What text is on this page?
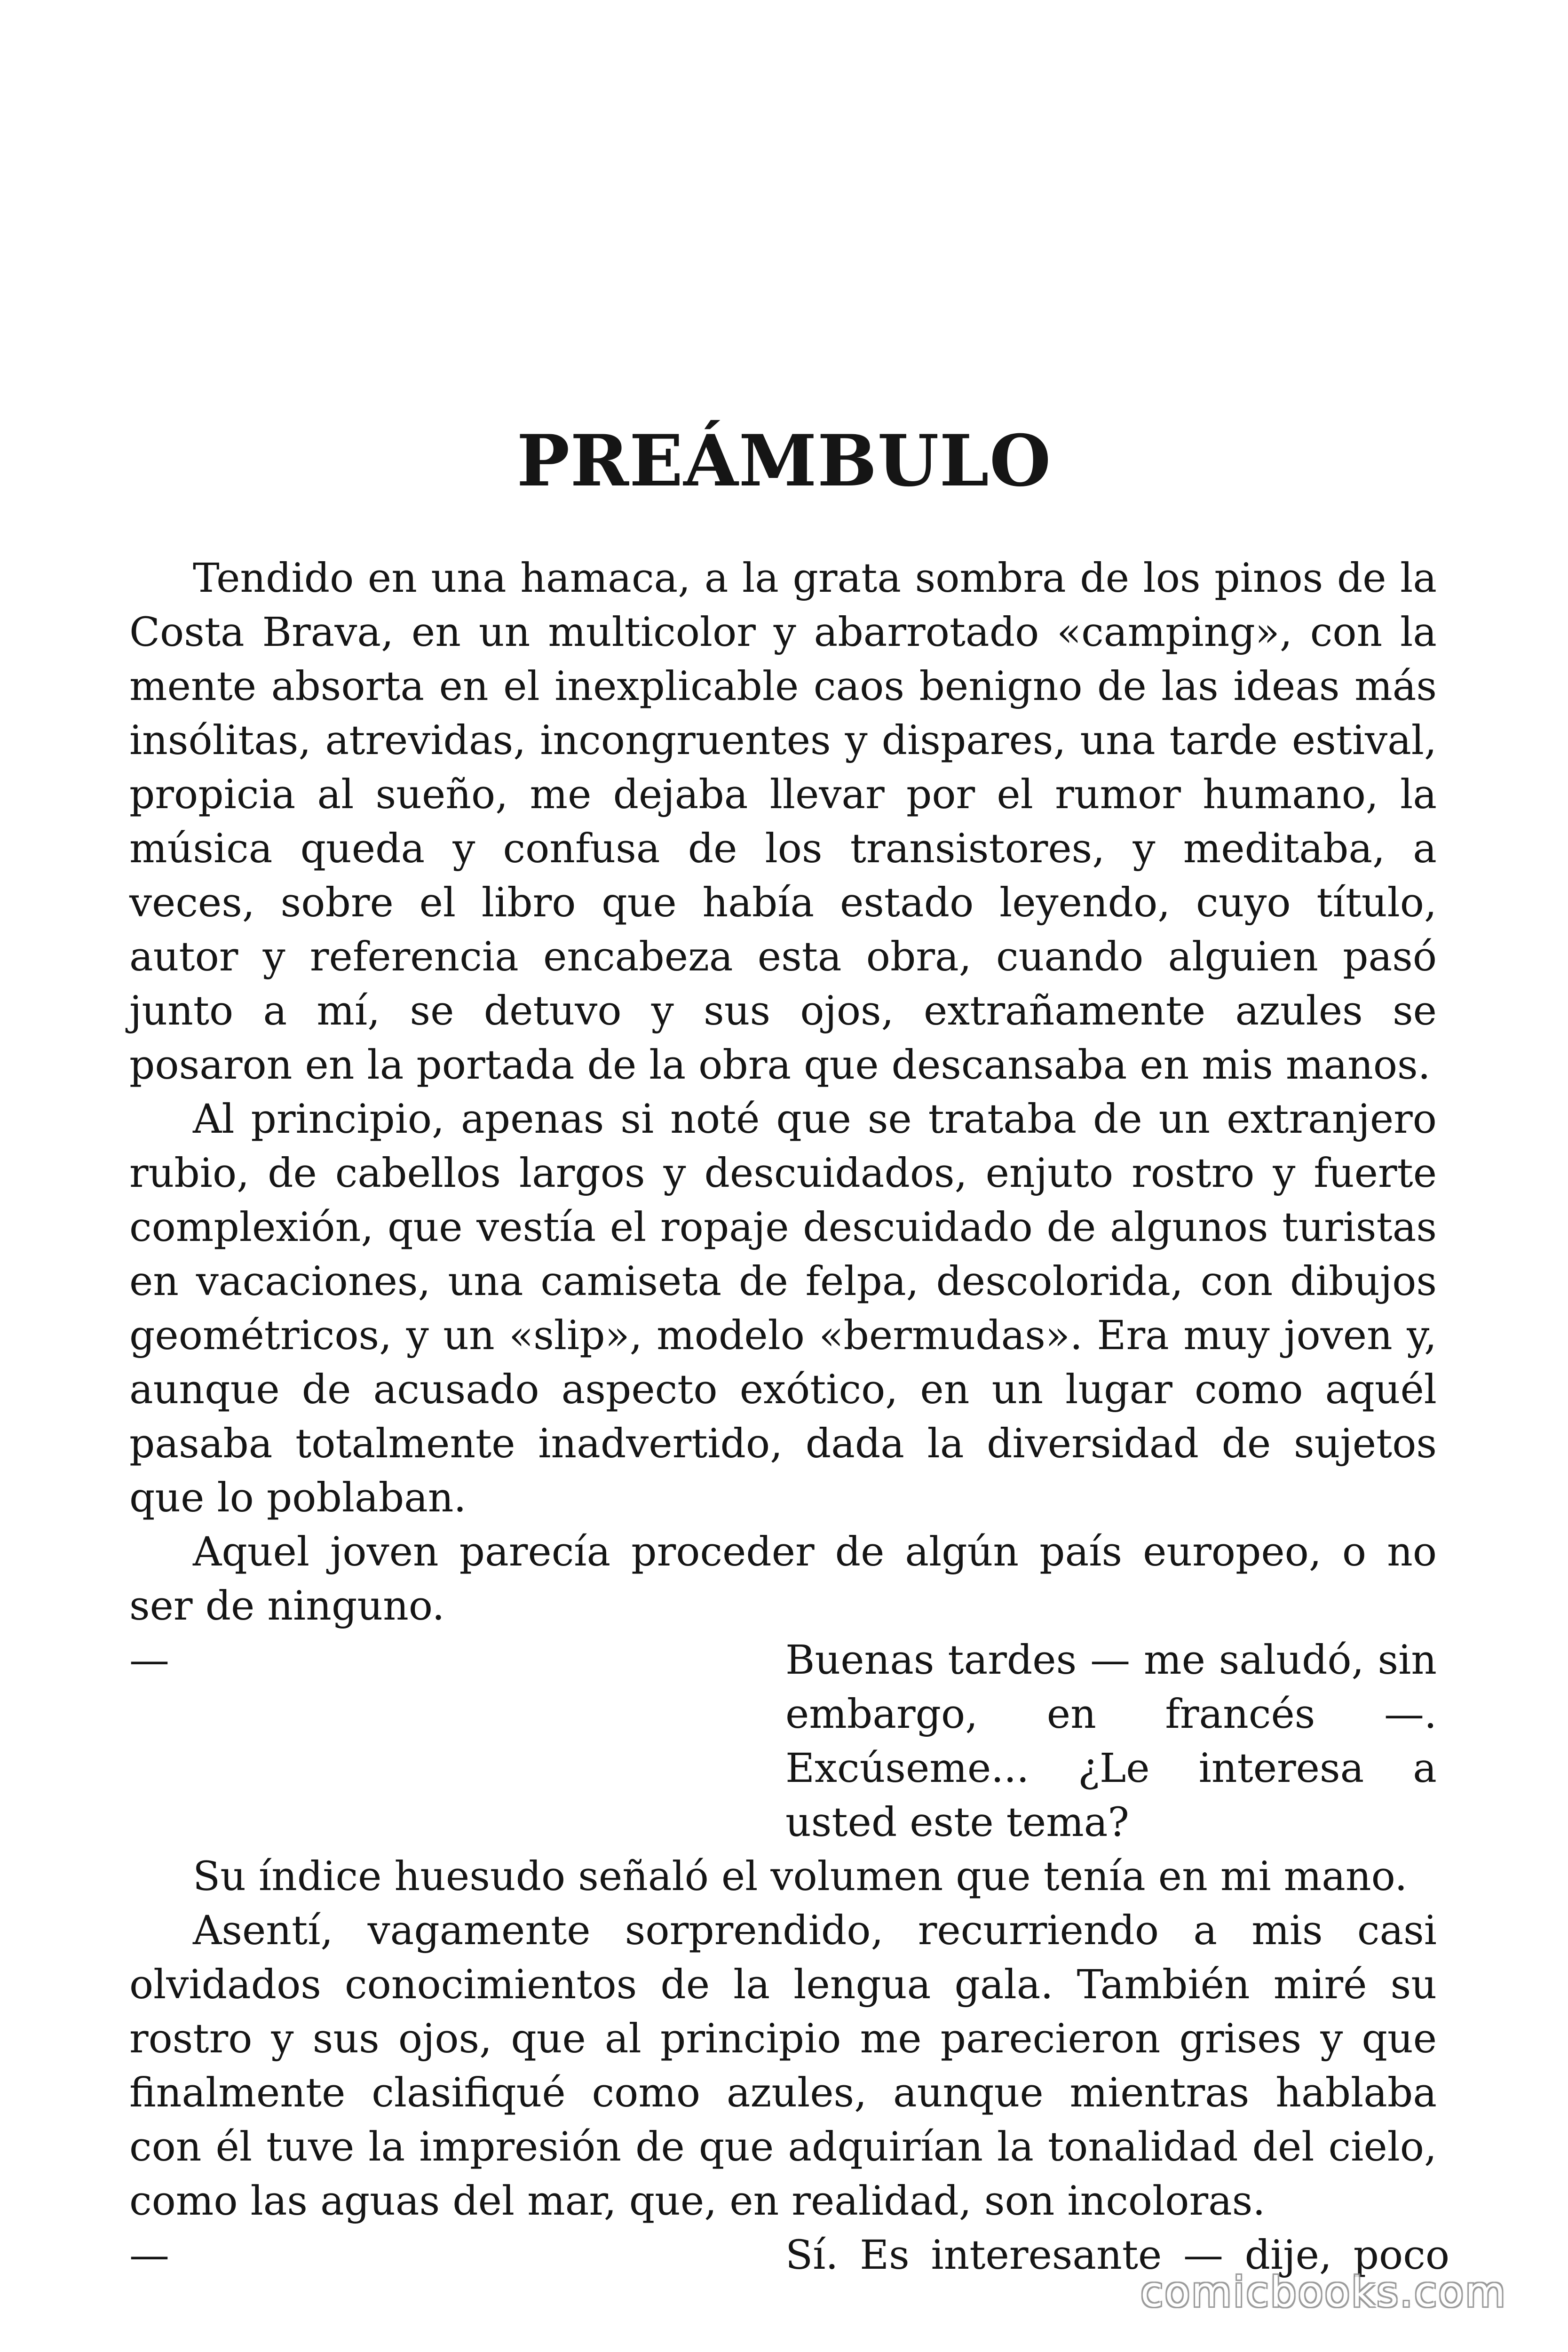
PREÁMBULO

Tendido en una hamaca, a la grata sombra de los pinos de la Costa Brava, en un multicolor y abarrotado «camping», con la mente absorta en el inexplicable caos benigno de las ideas más insólitas, atrevidas, incongruentes y dispares, una tarde estival, propicia al sueño, me dejaba llevar por el rumor humano, la música queda y confusa de los transistores, y meditaba, a veces, sobre el libro que había estado leyendo, cuyo título, autor y referencia encabeza esta obra, cuando alguien pasó junto a mí, se detuvo y sus ojos, extrañamente azules se posaron en la portada de la obra que descansaba en mis manos.

Al principio, apenas si noté que se trataba de un extranjero rubio, de cabellos largos y descuidados, enjuto rostro y fuerte complexión, que vestía el ropaje descuidado de algunos turistas en vacaciones, una camiseta de felpa, descolorida, con dibujos geométricos, y un «slip», modelo «bermudas». Era muy joven y, aunque de acusado aspecto exótico, en un lugar como aquél pasaba totalmente inadvertido, dada la diversidad de sujetos que lo poblaban.

Aquel joven parecía proceder de algún país europeo, o no ser de ninguno.

—	Buenas tardes — me saludó, sin embargo, en francés —. Excúseme... ¿Le interesa a usted este tema?

Su índice huesudo señaló el volumen que tenía en mi mano.

Asentí, vagamente sorprendido, recurriendo a mis casi olvidados conocimientos de la lengua gala. También miré su rostro y sus ojos, que al principio me parecieron grises y que finalmente clasifiqué como azules, aunque mientras hablaba con él tuve la impresión de que adquirían la tonalidad del cielo, como las aguas del mar, que, en realidad, son incoloras.

—	Sí. Es interesante — dije, poco
comicbooks.com
